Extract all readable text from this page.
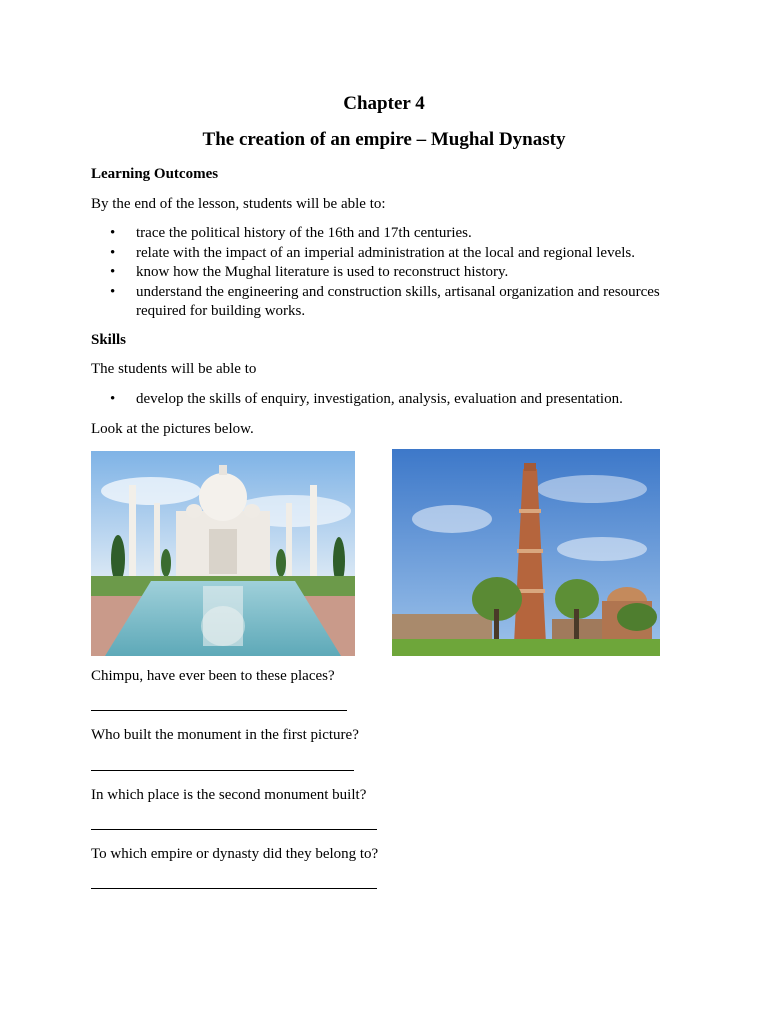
Chapter 4
The creation of an empire – Mughal Dynasty
Learning Outcomes
By the end of the lesson, students will be able to:
• trace the political history of the 16th and 17th centuries.
• relate with the impact of an imperial administration at the local and regional levels.
• know how the Mughal literature is used to reconstruct history.
• understand the engineering and construction skills, artisanal organization and resources required for building works.
Skills
The students will be able to
• develop the skills of enquiry, investigation, analysis, evaluation and presentation.
Look at the pictures below.
Chimpu, have ever been to these places?
Who built the monument in the first picture?
In which place is the second monument built?
To which empire or dynasty did they belong to?
